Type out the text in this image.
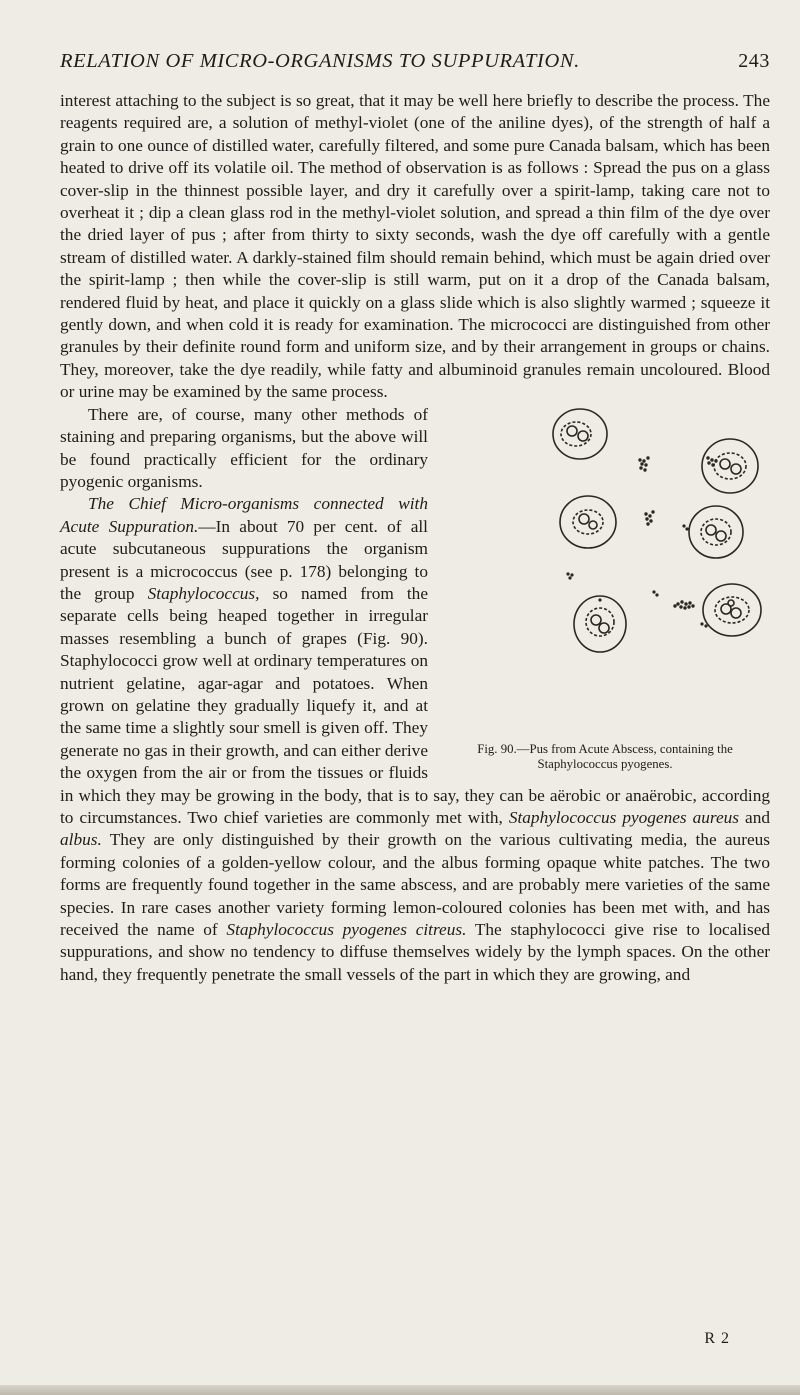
RELATION OF MICRO-ORGANISMS TO SUPPURATION.	243

interest attaching to the subject is so great, that it may be well here briefly to describe the process. The reagents required are, a solution of methyl-violet (one of the aniline dyes), of the strength of half a grain to one ounce of distilled water, carefully filtered, and some pure Canada balsam, which has been heated to drive off its volatile oil. The method of observation is as follows : Spread the pus on a glass cover-slip in the thinnest possible layer, and dry it carefully over a spirit-lamp, taking care not to overheat it ; dip a clean glass rod in the methyl-violet solution, and spread a thin film of the dye over the dried layer of pus ; after from thirty to sixty seconds, wash the dye off carefully with a gentle stream of distilled water. A darkly-stained film should remain behind, which must be again dried over the spirit-lamp ; then while the cover-slip is still warm, put on it a drop of the Canada balsam, rendered fluid by heat, and place it quickly on a glass slide which is also slightly warmed ; squeeze it gently down, and when cold it is ready for examination. The micrococci are distinguished from other granules by their definite round form and uniform size, and by their arrangement in groups or chains. They, moreover, take the dye readily, while fatty and albuminoid granules remain uncoloured. Blood or urine may be examined by the same process.

Fig. 90.—Pus from Acute Abscess, containing the Staphylococcus pyogenes.

There are, of course, many other methods of staining and preparing organisms, but the above will be found practically efficient for the ordinary pyogenic organisms.

The Chief Micro-organisms connected with Acute Suppuration.—In about 70 per cent. of all acute subcutaneous suppurations the organism present is a micrococcus (see p. 178) belonging to the group Staphylococcus, so named from the separate cells being heaped together in irregular masses resembling a bunch of grapes (Fig. 90). Staphylococci grow well at ordinary temperatures on nutrient gelatine, agar-agar and potatoes. When grown on gelatine they gradually liquefy it, and at the same time a slightly sour smell is given off. They generate no gas in their growth, and can either derive the oxygen from the air or from the tissues or fluids in which they may be growing in the body, that is to say, they can be aërobic or anaërobic, according to circumstances. Two chief varieties are commonly met with, Staphylococcus pyogenes aureus and albus. They are only distinguished by their growth on the various cultivating media, the aureus forming colonies of a golden-yellow colour, and the albus forming opaque white patches. The two forms are frequently found together in the same abscess, and are probably mere varieties of the same species. In rare cases another variety forming lemon-coloured colonies has been met with, and has received the name of Staphylococcus pyogenes citreus. The staphylococci give rise to localised suppurations, and show no tendency to diffuse themselves widely by the lymph spaces. On the other hand, they frequently penetrate the small vessels of the part in which they are growing, and

R 2
